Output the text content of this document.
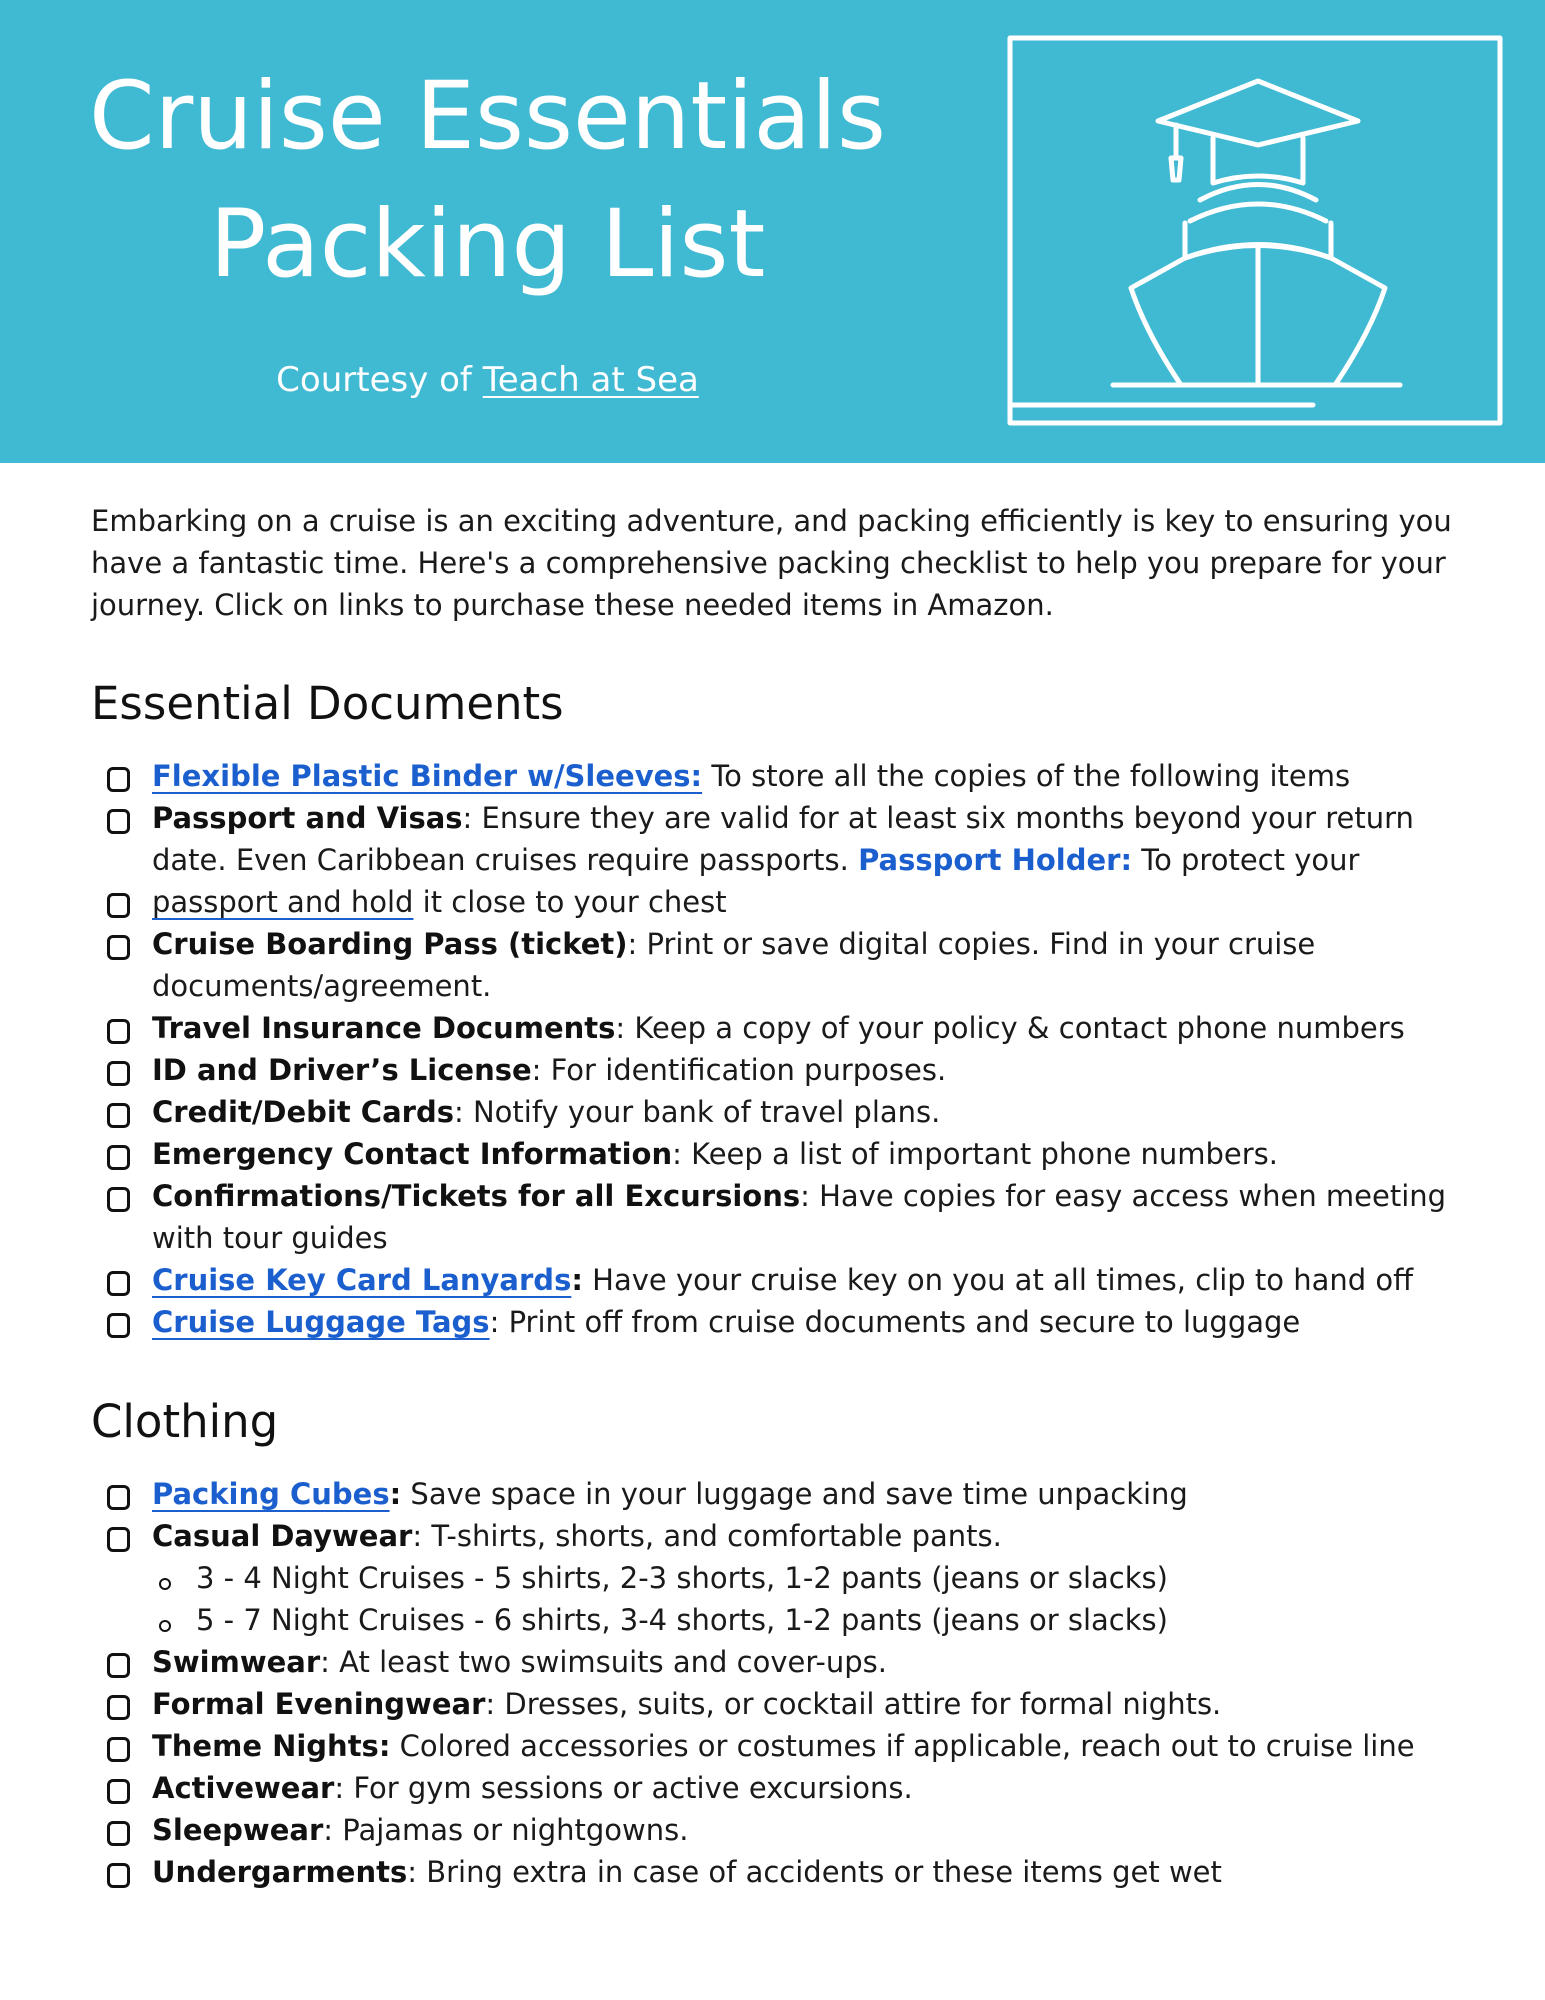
Cruise Essentials
Packing List
Courtesy of Teach at Sea

Embarking on a cruise is an exciting adventure, and packing efficiently is key to ensuring you have a fantastic time. Here's a comprehensive packing checklist to help you prepare for your journey. Click on links to purchase these needed items in Amazon.

Essential Documents
Flexible Plastic Binder w/Sleeves: To store all the copies of the following items
Passport and Visas: Ensure they are valid for at least six months beyond your return date. Even Caribbean cruises require passports. Passport Holder: To protect your
passport and hold it close to your chest
Cruise Boarding Pass (ticket): Print or save digital copies. Find in your cruise documents/agreement.
Travel Insurance Documents: Keep a copy of your policy & contact phone numbers
ID and Driver’s License: For identification purposes.
Credit/Debit Cards: Notify your bank of travel plans.
Emergency Contact Information: Keep a list of important phone numbers.
Confirmations/Tickets for all Excursions: Have copies for easy access when meeting with tour guides
Cruise Key Card Lanyards: Have your cruise key on you at all times, clip to hand off
Cruise Luggage Tags: Print off from cruise documents and secure to luggage
Clothing
Packing Cubes: Save space in your luggage and save time unpacking
Casual Daywear: T-shirts, shorts, and comfortable pants.
3 - 4 Night Cruises - 5 shirts, 2-3 shorts, 1-2 pants (jeans or slacks)
5 - 7 Night Cruises - 6 shirts, 3-4 shorts, 1-2 pants (jeans or slacks)
Swimwear: At least two swimsuits and cover-ups.
Formal Eveningwear: Dresses, suits, or cocktail attire for formal nights.
Theme Nights: Colored accessories or costumes if applicable, reach out to cruise line
Activewear: For gym sessions or active excursions.
Sleepwear: Pajamas or nightgowns.
Undergarments: Bring extra in case of accidents or these items get wet
